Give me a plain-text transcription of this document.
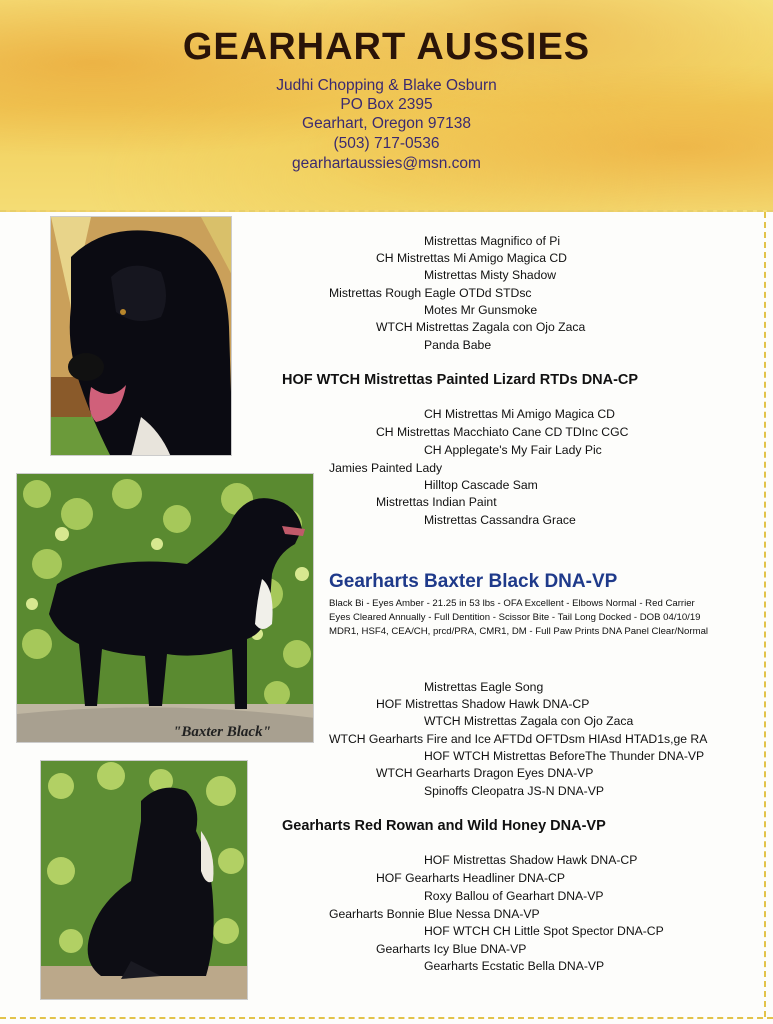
GEARHART AUSSIES
Judhi Chopping & Blake Osburn
PO Box 2395
Gearhart, Oregon 97138
(503) 717-0536
gearhartaussies@msn.com
"Baxter Black"
Mistrettas Magnifico of Pi
CH Mistrettas Mi Amigo Magica CD
Mistrettas Misty Shadow
Mistrettas Rough Eagle OTDd STDsc
Motes Mr Gunsmoke
WTCH Mistrettas Zagala con Ojo Zaca
Panda Babe
HOF WTCH Mistrettas Painted Lizard RTDs DNA-CP
CH Mistrettas Mi Amigo Magica CD
CH Mistrettas Macchiato Cane CD TDInc CGC
CH Applegate's My Fair Lady Pic
Jamies Painted Lady
Hilltop Cascade Sam
Mistrettas Indian Paint
Mistrettas Cassandra Grace
Gearharts Baxter Black DNA-VP
Black Bi - Eyes Amber - 21.25 in 53 lbs - OFA Excellent - Elbows Normal - Red Carrier
Eyes Cleared Annually - Full Dentition - Scissor Bite - Tail Long Docked - DOB 04/10/19
MDR1, HSF4, CEA/CH, prcd/PRA, CMR1, DM - Full Paw Prints DNA Panel Clear/Normal
Mistrettas Eagle Song
HOF Mistrettas Shadow Hawk DNA-CP
WTCH Mistrettas Zagala con Ojo Zaca
WTCH Gearharts Fire and Ice AFTDd OFTDsm HIAsd HTAD1s,ge RA
HOF WTCH Mistrettas BeforeThe Thunder DNA-VP
WTCH Gearharts Dragon Eyes DNA-VP
Spinoffs Cleopatra JS-N DNA-VP
Gearharts Red Rowan and Wild Honey DNA-VP
HOF Mistrettas Shadow Hawk DNA-CP
HOF Gearharts Headliner DNA-CP
Roxy Ballou of Gearhart DNA-VP
Gearharts Bonnie Blue Nessa DNA-VP
HOF WTCH CH Little Spot Spector DNA-CP
Gearharts Icy Blue DNA-VP
Gearharts Ecstatic Bella DNA-VP
